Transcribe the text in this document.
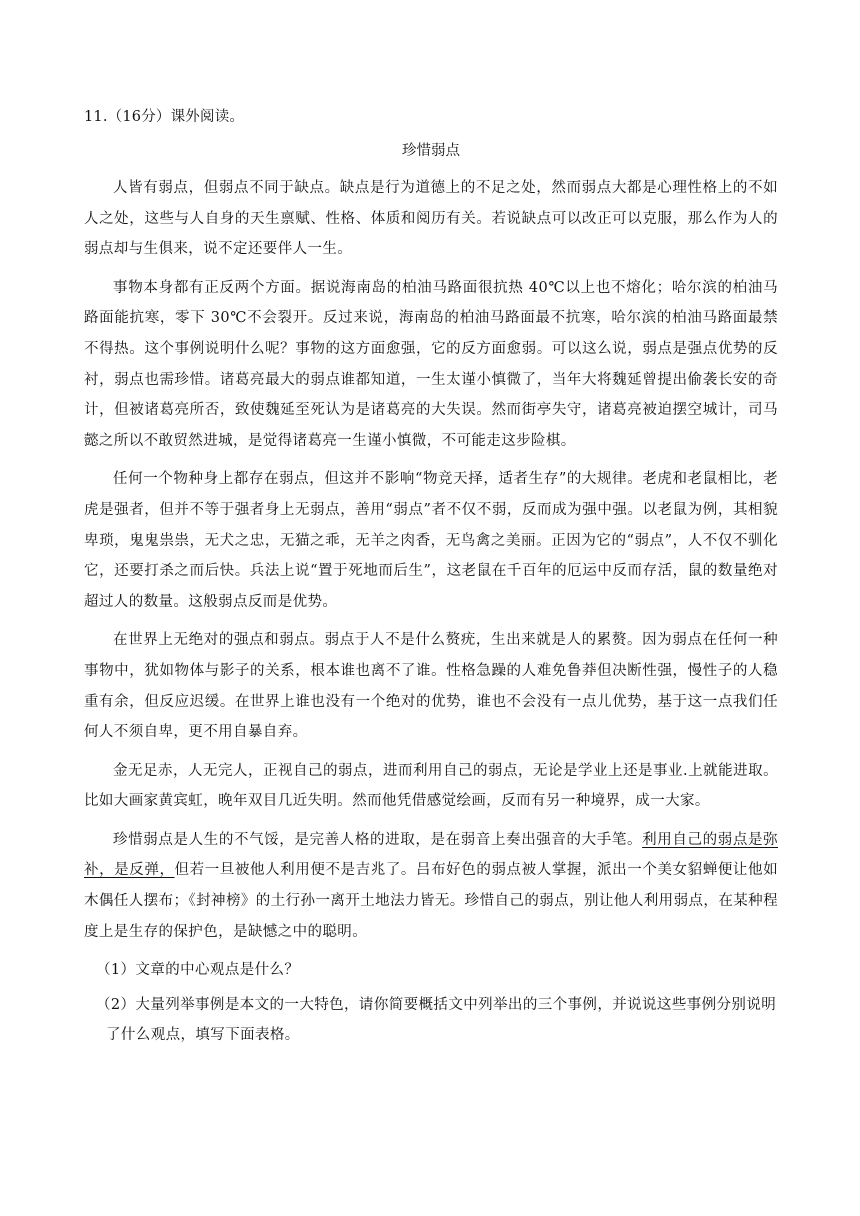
11.（16分）课外阅读。
珍惜弱点

人皆有弱点，但弱点不同于缺点。缺点是行为道德上的不足之处，然而弱点大都是心理性格上的不如人之处，这些与人自身的天生禀赋、性格、体质和阅历有关。若说缺点可以改正可以克服，那么作为人的弱点却与生俱来，说不定还要伴人一生。

事物本身都有正反两个方面。据说海南岛的柏油马路面很抗热 40℃以上也不熔化；哈尔滨的柏油马路面能抗寒，零下 30℃不会裂开。反过来说，海南岛的柏油马路面最不抗寒，哈尔滨的柏油马路面最禁不得热。这个事例说明什么呢？事物的这方面愈强，它的反方面愈弱。可以这么说，弱点是强点优势的反衬，弱点也需珍惜。诸葛亮最大的弱点谁都知道，一生太谨小慎微了，当年大将魏延曾提出偷袭长安的奇计，但被诸葛亮所否，致使魏延至死认为是诸葛亮的大失误。然而街亭失守，诸葛亮被迫摆空城计，司马懿之所以不敢贸然进城，是觉得诸葛亮一生谨小慎微，不可能走这步险棋。

任何一个物种身上都存在弱点，但这并不影响“物竞天择，适者生存”的大规律。老虎和老鼠相比，老虎是强者，但并不等于强者身上无弱点，善用“弱点”者不仅不弱，反而成为强中强。以老鼠为例，其相貌卑琐，鬼鬼祟祟，无犬之忠，无猫之乖，无羊之肉香，无鸟禽之美丽。正因为它的“弱点”，人不仅不驯化它，还要打杀之而后快。兵法上说“置于死地而后生”，这老鼠在千百年的厄运中反而存活，鼠的数量绝对超过人的数量。这般弱点反而是优势。

在世界上无绝对的强点和弱点。弱点于人不是什么赘疣，生出来就是人的累赘。因为弱点在任何一种事物中，犹如物体与影子的关系，根本谁也离不了谁。性格急躁的人难免鲁莽但决断性强，慢性子的人稳重有余，但反应迟缓。在世界上谁也没有一个绝对的优势，谁也不会没有一点儿优势，基于这一点我们任何人不须自卑，更不用自暴自弃。

金无足赤，人无完人，正视自己的弱点，进而利用自己的弱点，无论是学业上还是事业.上就能进取。比如大画家黄宾虹，晚年双目几近失明。然而他凭借感觉绘画，反而有另一种境界，成一大家。

珍惜弱点是人生的不气馁，是完善人格的进取，是在弱音上奏出强音的大手笔。利用自己的弱点是弥补，是反弹，但若一旦被他人利用便不是吉兆了。吕布好色的弱点被人掌握，派出一个美女貂蝉便让他如木偶任人摆布；《封神榜》的土行孙一离开土地法力皆无。珍惜自己的弱点，别让他人利用弱点，在某种程度上是生存的保护色，是缺憾之中的聪明。

（1）文章的中心观点是什么？

（2）大量列举事例是本文的一大特色，请你简要概括文中列举出的三个事例，并说说这些事例分别说明了什么观点，填写下面表格。
